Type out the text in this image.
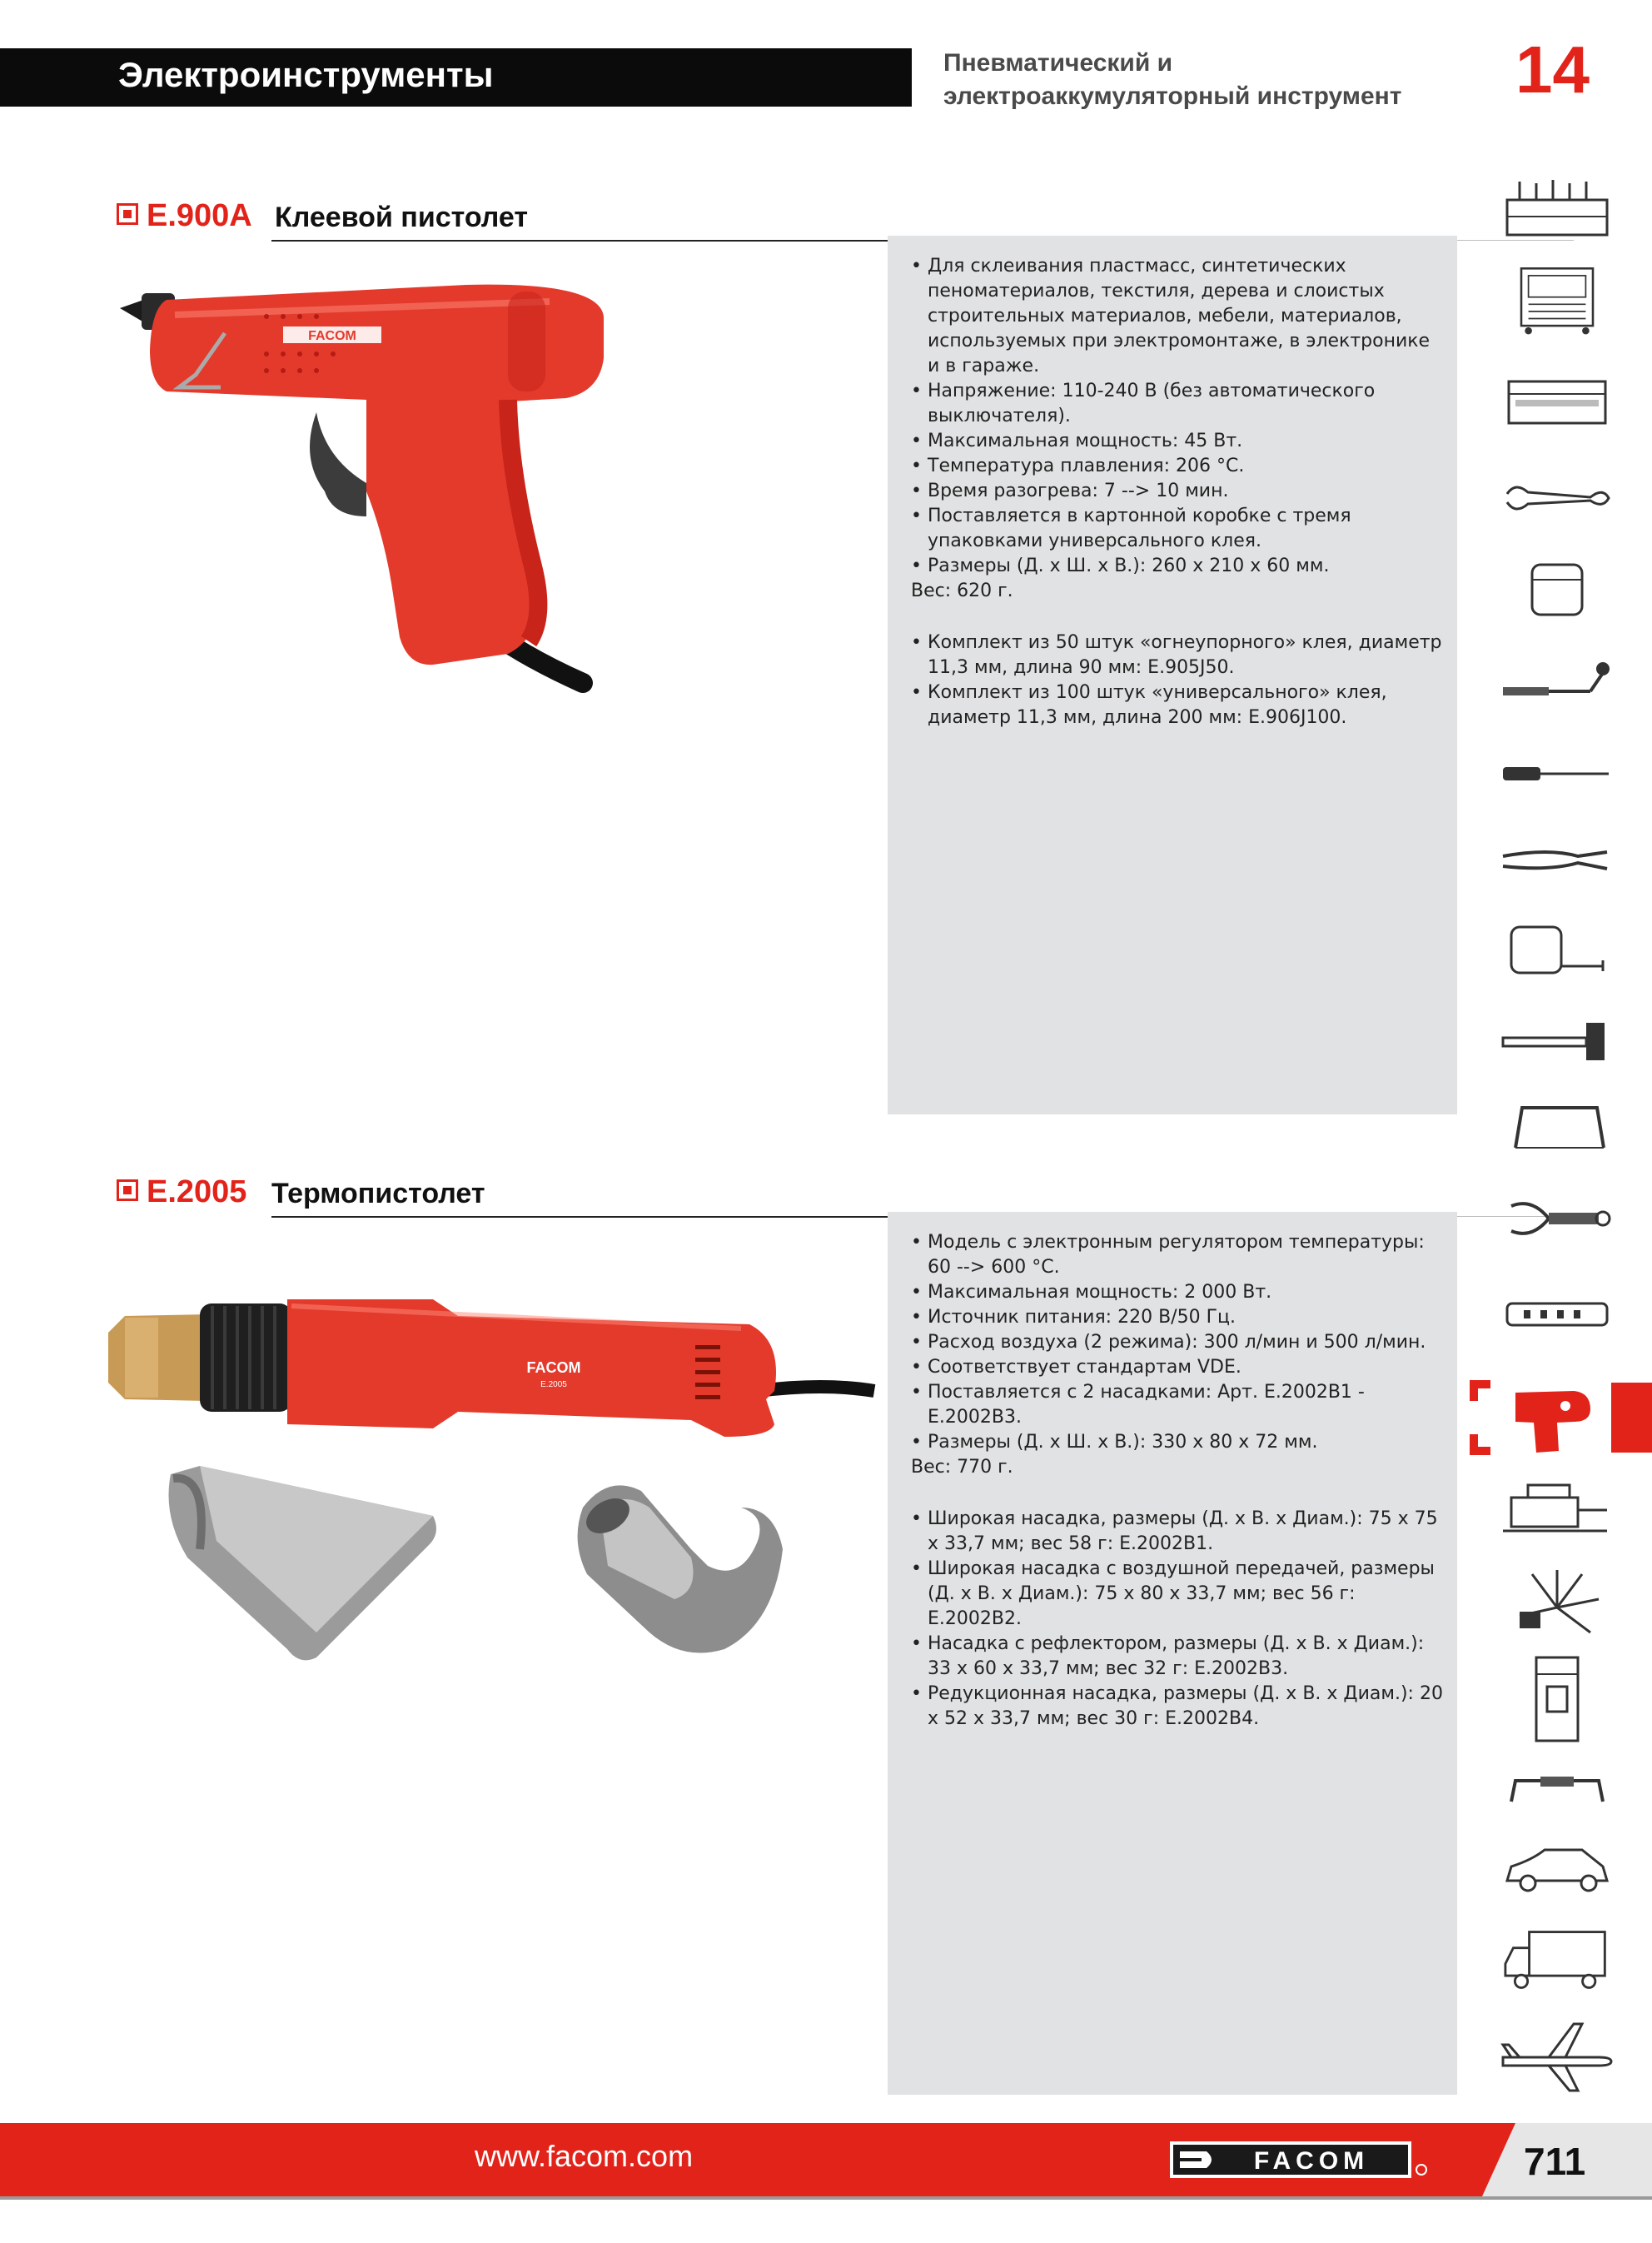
Электроинструменты	Пневматический и
электроаккумуляторный инструмент	14
E.900A Клеевой пистолет
• Для склеивания пластмасс, синтетических пеноматериалов, текстиля, дерева и слоистых строительных материалов, мебели, материалов, используемых при электромонтаже, в электронике и в гараже.
• Напряжение: 110-240 В (без автоматического выключателя).
• Максимальная мощность: 45 Вт.
• Температура плавления: 206 °C.
• Время разогрева: 7 --> 10 мин.
• Поставляется в картонной коробке с тремя упаковками универсального клея.
• Размеры (Д. х Ш. х В.): 260 x 210 x 60 мм.
Вес: 620 г.
• Комплект из 50 штук «огнеупорного» клея, диаметр 11,3 мм, длина 90 мм: E.905J50.
• Комплект из 100 штук «универсального» клея, диаметр 11,3 мм, длина 200 мм: E.906J100.
FACOM
E.2005 Термопистолет
• Модель с электронным регулятором температуры: 60 --> 600 °C.
• Максимальная мощность: 2 000 Вт.
• Источник питания: 220 В/50 Гц.
• Расход воздуха (2 режима): 300 л/мин и 500 л/мин.
• Соответствует стандартам VDE.
• Поставляется с 2 насадками: Арт. E.2002B1 - E.2002B3.
• Размеры (Д. х Ш. х В.): 330 x 80 x 72 мм.
Вес: 770 г.
• Широкая насадка, размеры (Д. х В. х Диам.): 75 x 75 x 33,7 мм; вес 58 г: E.2002B1.
• Широкая насадка с воздушной передачей, размеры (Д. х В. х Диам.): 75 x 80 x 33,7 мм; вес 56 г: E.2002B2.
• Насадка с рефлектором, размеры (Д. х В. х Диам.): 33 x 60 x 33,7 мм; вес 32 г: E.2002B3.
• Редукционная насадка, размеры (Д. х В. х Диам.): 20 x 52 x 33,7 мм; вес 30 г: E.2002B4.
FACOM
E.2005
www.facom.com	FACOM	711
